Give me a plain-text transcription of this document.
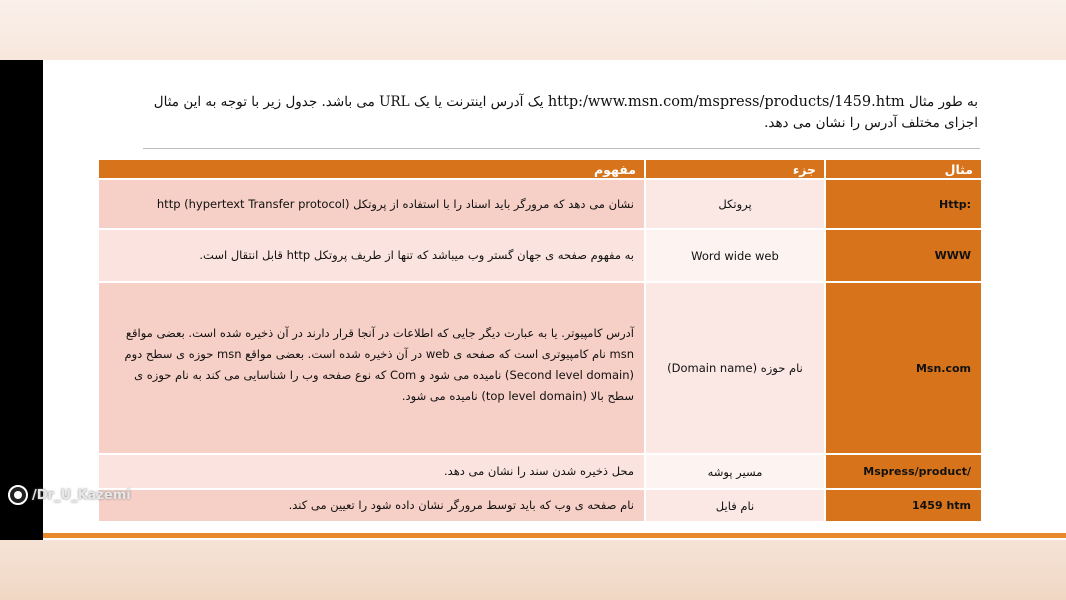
به طور مثال http:/www.msn.com/mspress/products/1459.htm یک آدرس اینترنت یا یک URL می باشد. جدول زیر با توجه به این مثال اجزای مختلف آدرس را نشان می دهد.
مثال	جزء	مفهوم
Http:	پروتکل	نشان می دهد که مرورگر باید اسناد را با استفاده از پروتکل http (hypertext Transfer protocol)
WWW	Word wide web	به مفهوم صفحه ی جهان گستر وب میباشد که تنها از طریف پروتکل http قابل انتقال است.
Msn.com	نام حوزه (Domain name)	آدرس کامپیوتر. یا به عبارت دیگر جایی که اطلاعات در آنجا قرار دارند در آن ذخیره شده است. بعضی مواقع msn نام کامپیوتری است که صفحه ی web در آن ذخیره شده است. بعضی مواقع msn حوزه ی سطح دوم (Second level domain) نامیده می شود و Com که نوع صفحه وب را شناسایی می کند به نام حوزه ی سطح بالا (top level domain) نامیده می شود.
Mspress/product/	مسیر پوشه	محل ذخیره شدن سند را نشان می دهد.
1459 htm	نام فایل	نام صفحه ی وب که باید توسط مرورگر نشان داده شود را تعیین می کند.
/Dr_U_Kazemi
